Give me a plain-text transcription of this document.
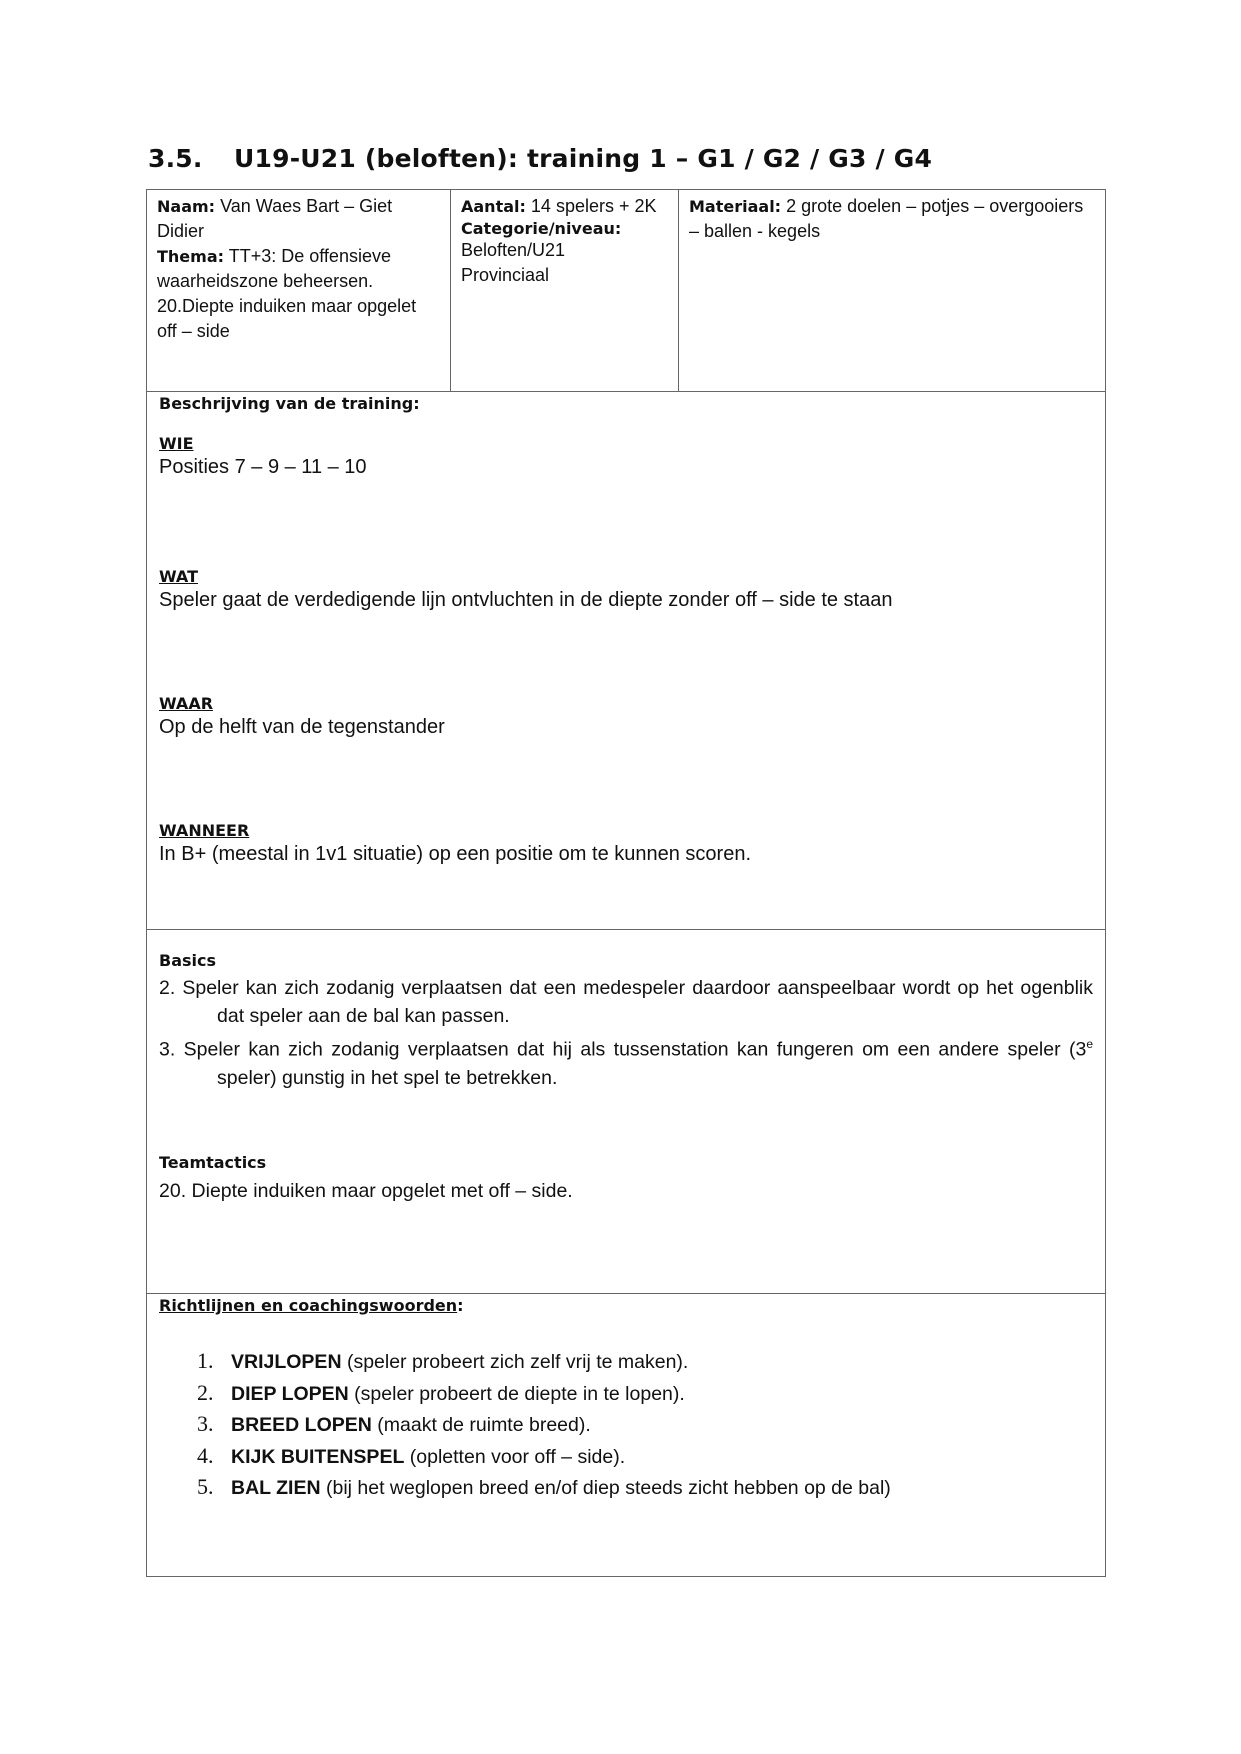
3.5. U19-U21 (beloften): training 1 – G1 / G2 / G3 / G4
Naam: Van Waes Bart – Giet Didier
Thema: TT+3: De offensieve waarheidszone beheersen.
20.Diepte induiken maar opgelet off – side
Aantal: 14 spelers + 2K
Categorie/niveau:
Beloften/U21
Provinciaal
Materiaal: 2 grote doelen – potjes – overgooiers – ballen - kegels
Beschrijving van de training:
WIE
Posities 7 – 9 – 11 – 10
WAT
Speler gaat de verdedigende lijn ontvluchten in de diepte zonder off – side te staan
WAAR
Op de helft van de tegenstander
WANNEER
In B+ (meestal in 1v1 situatie) op een positie om te kunnen scoren.
Basics
2. Speler kan zich zodanig verplaatsen dat een medespeler daardoor aanspeelbaar wordt op het ogenblik dat speler aan de bal kan passen.
3. Speler kan zich zodanig verplaatsen dat hij als tussenstation kan fungeren om een andere speler (3e speler) gunstig in het spel te betrekken.
Teamtactics
20. Diepte induiken maar opgelet met off – side.
Richtlijnen en coachingswoorden:
1. VRIJLOPEN (speler probeert zich zelf vrij te maken).
2. DIEP LOPEN (speler probeert de diepte in te lopen).
3. BREED LOPEN (maakt de ruimte breed).
4. KIJK BUITENSPEL (opletten voor off – side).
5. BAL ZIEN (bij het weglopen breed en/of diep steeds zicht hebben op de bal)
